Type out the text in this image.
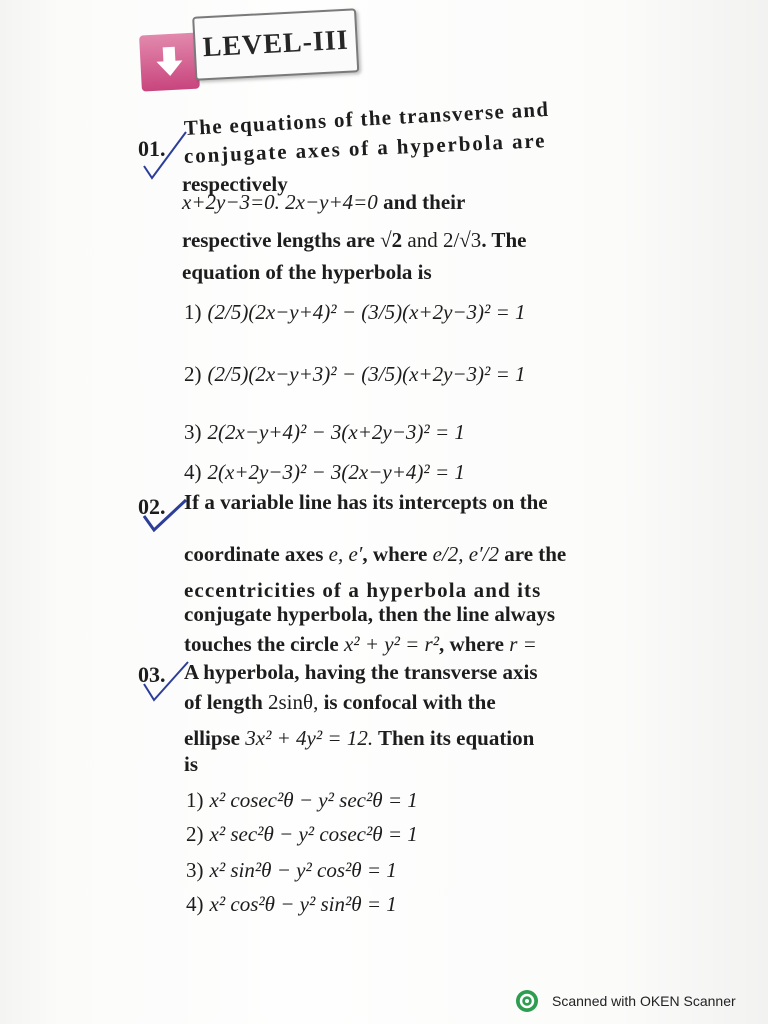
LEVEL-III
01.
The equations of the transverse and
conjugate axes of a hyperbola are
respectively
x+2y−3=0. 2x−y+4=0 and their
respective lengths are √2 and 2/√3. The
equation of the hyperbola is
1) (2/5)(2x−y+4)² − (3/5)(x+2y−3)² = 1
2) (2/5)(2x−y+3)² − (3/5)(x+2y−3)² = 1
3) 2(2x−y+4)² − 3(x+2y−3)² = 1
4) 2(x+2y−3)² − 3(2x−y+4)² = 1
02. If a variable line has its intercepts on the
coordinate axes e, e′, where e/2, e′/2 are the
eccentricities of a hyperbola and its
conjugate hyperbola, then the line always
touches the circle x² + y² = r², where r =
03. A hyperbola, having the transverse axis
of length 2sinθ, is confocal with the
ellipse 3x² + 4y² = 12. Then its equation
is
1) x² cosec²θ − y² sec²θ = 1
2) x² sec²θ − y² cosec²θ = 1
3) x² sin²θ − y² cos²θ = 1
4) x² cos²θ − y² sin²θ = 1
Scanned with OKEN Scanner
